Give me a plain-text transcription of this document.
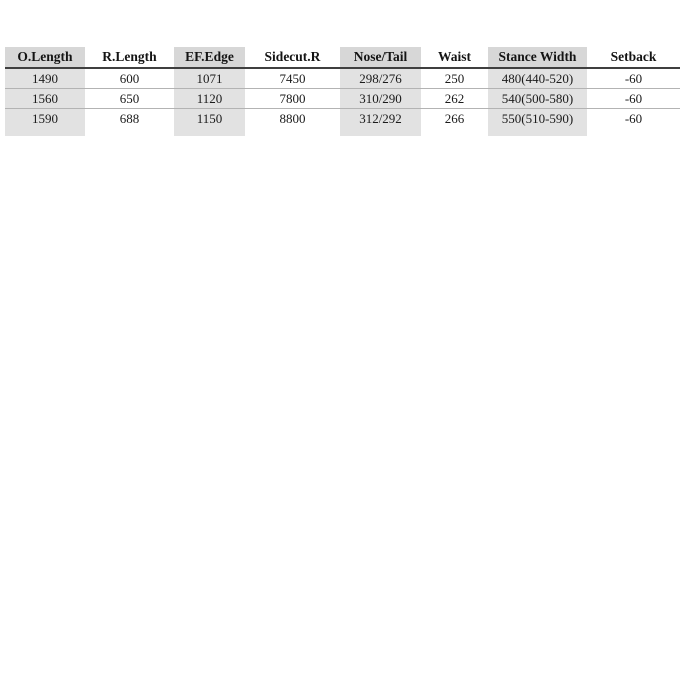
O.Length	R.Length	EF.Edge	Sidecut.R	Nose/Tail	Waist	Stance Width	Setback
1490	600	1071	7450	298/276	250	480(440-520)	-60
1560	650	1120	7800	310/290	262	540(500-580)	-60
1590	688	1150	8800	312/292	266	550(510-590)	-60
